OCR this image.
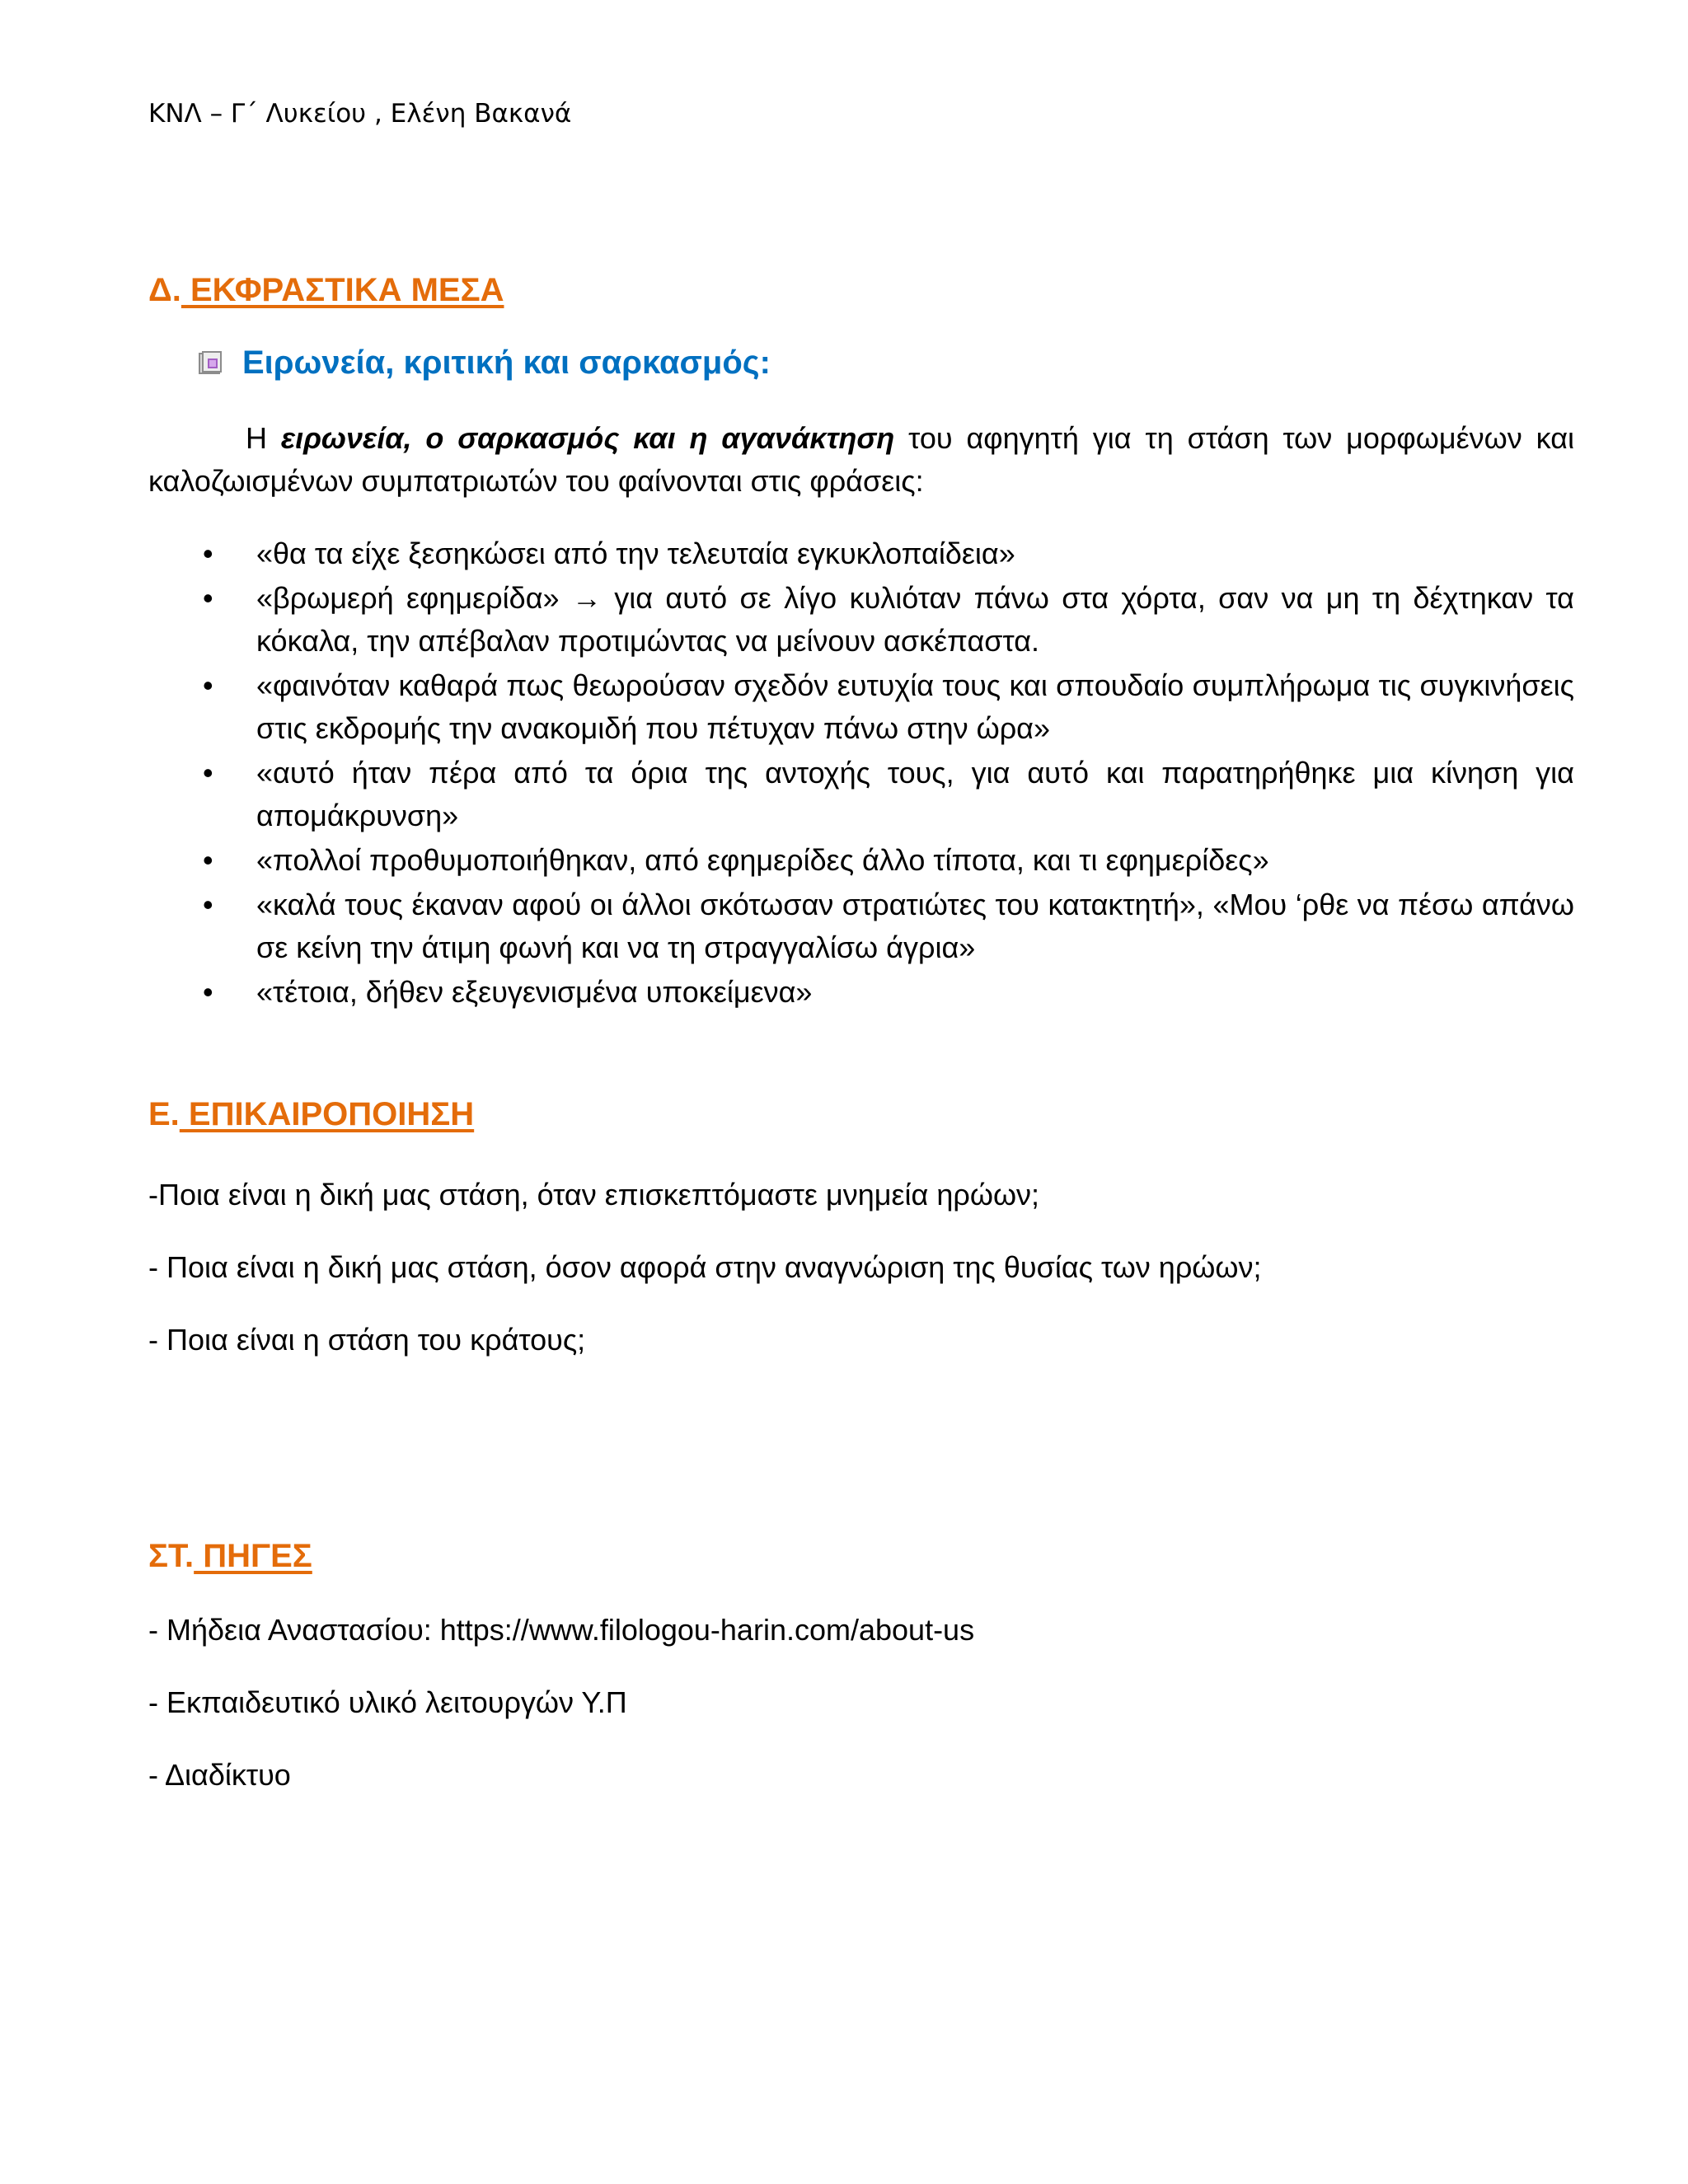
ΚΝΛ – Γ΄ Λυκείου , Ελένη Βακανά
Δ. ΕΚΦΡΑΣΤΙΚΑ ΜΕΣΑ
Ειρωνεία, κριτική και σαρκασμός:
Η ειρωνεία, ο σαρκασμός και η αγανάκτηση του αφηγητή για τη στάση των μορφωμένων και καλοζωισμένων συμπατριωτών του φαίνονται στις φράσεις:
• «θα τα είχε ξεσηκώσει από την τελευταία εγκυκλοπαίδεια»
• «βρωμερή εφημερίδα» → για αυτό σε λίγο κυλιόταν πάνω στα χόρτα, σαν να μη τη δέχτηκαν τα κόκαλα, την απέβαλαν προτιμώντας να μείνουν ασκέπαστα.
• «φαινόταν καθαρά πως θεωρούσαν σχεδόν ευτυχία τους και σπουδαίο συμπλήρωμα τις συγκινήσεις στις εκδρομής την ανακομιδή που πέτυχαν πάνω στην ώρα»
• «αυτό ήταν πέρα από τα όρια της αντοχής τους, για αυτό και παρατηρήθηκε μια κίνηση για απομάκρυνση»
• «πολλοί προθυμοποιήθηκαν, από εφημερίδες άλλο τίποτα, και τι εφημερίδες»
• «καλά τους έκαναν αφού οι άλλοι σκότωσαν στρατιώτες του κατακτητή», «Μου ‘ρθε να πέσω απάνω σε κείνη την άτιμη φωνή και να τη στραγγαλίσω άγρια»
• «τέτοια, δήθεν εξευγενισμένα υποκείμενα»
Ε. ΕΠΙΚΑΙΡΟΠΟΙΗΣΗ
-Ποια είναι η δική μας στάση, όταν επισκεπτόμαστε μνημεία ηρώων;
- Ποια είναι η δική μας στάση, όσον αφορά στην αναγνώριση της θυσίας των ηρώων;
- Ποια είναι η στάση του κράτους;
ΣΤ. ΠΗΓΕΣ
- Μήδεια Αναστασίου: https://www.filologou-harin.com/about-us
- Εκπαιδευτικό υλικό λειτουργών Υ.Π
- Διαδίκτυο
